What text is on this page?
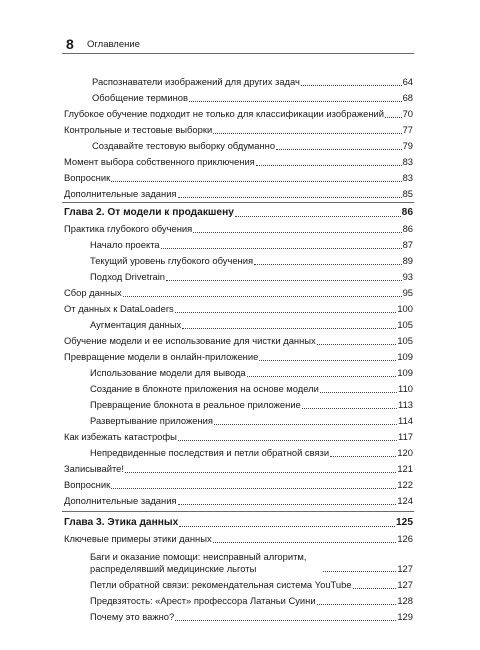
8 Оглавление
Распознаватели изображений для других задач	64
Обобщение терминов	68
Глубокое обучение подходит не только для классификации изображений 70
Контрольные и тестовые выборки	77
Создавайте тестовую выборку обдуманно	79
Момент выбора собственного приключения	83
Вопросник	83
Дополнительные задания	85
Глава 2. От модели к продакшену	86
Практика глубокого обучения	86
Начало проекта	87
Текущий уровень глубокого обучения	89
Подход Drivetrain	93
Сбор данных	95
От данных к DataLoaders	100
Аугментация данных	105
Обучение модели и ее использование для чистки данных	105
Превращение модели в онлайн-приложение	109
Использование модели для вывода	109
Создание в блокноте приложения на основе модели	110
Превращение блокнота в реальное приложение	113
Развертывание приложения	114
Как избежать катастрофы	117
Непредвиденные последствия и петли обратной связи	120
Записывайте!	121
Вопросник	122
Дополнительные задания	124
Глава 3. Этика данных	125
Ключевые примеры этики данных	126
Баги и оказание помощи: неисправный алгоритм, распределявший медицинские льготы	127
Петли обратной связи: рекомендательная система YouTube	127
Предвзятость: «Арест» профессора Латаньи Суини	128
Почему это важно?	129
